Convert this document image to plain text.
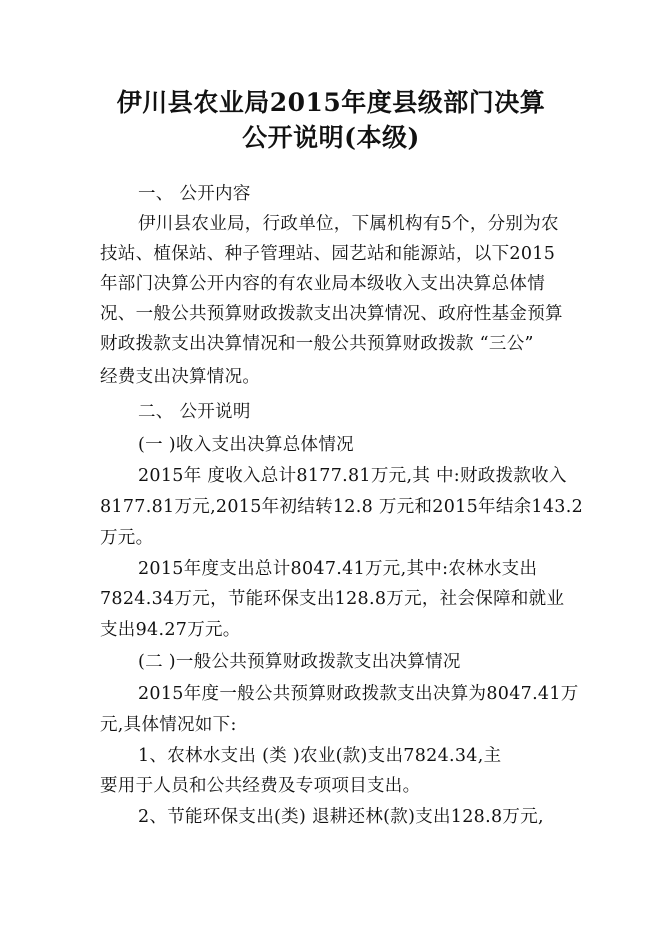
伊川县农业局2015年度县级部门决算
公开说明(本级)
一、 公开内容
伊川县农业局，行政单位，下属机构有5个，分别为农
技站、植保站、种子管理站、园艺站和能源站，以下2015
年部门决算公开内容的有农业局本级收入支出决算总体情
况、一般公共预算财政拨款支出决算情况、政府性基金预算
财政拨款支出决算情况和一般公共预算财政拨款 “三公”
经费支出决算情况。
二、 公开说明
(一 )收入支出决算总体情况
2015年 度收入总计8177.81万元,其 中:财政拨款收入
8177.81万元,2015年初结转12.8 万元和2015年结余143.2
万元。
2015年度支出总计8047.41万元,其中:农林水支出
7824.34万元，节能环保支出128.8万元，社会保障和就业
支出94.27万元。
(二 )一般公共预算财政拨款支出决算情况
2015年度一般公共预算财政拨款支出决算为8047.41万
元,具体情况如下:
1、农林水支出 (类 )农业(款)支出7824.34,主
要用于人员和公共经费及专项项目支出。
2、节能环保支出(类) 退耕还林(款)支出128.8万元,
